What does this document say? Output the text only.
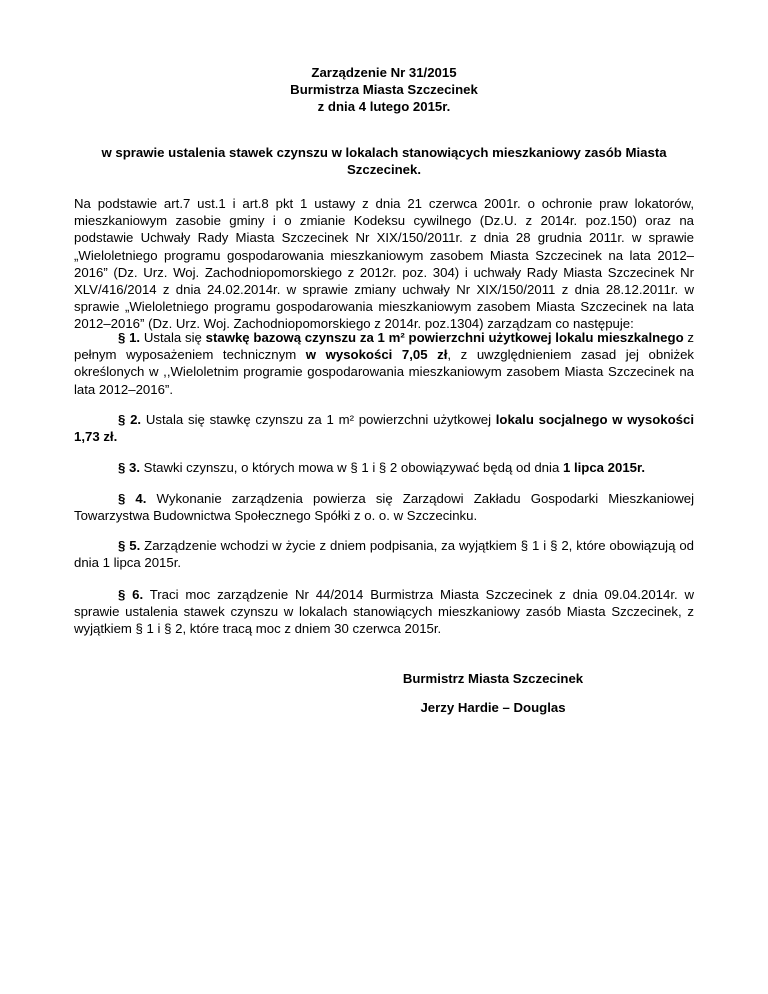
Zarządzenie Nr 31/2015
Burmistrza Miasta Szczecinek
z dnia 4 lutego 2015r.
w sprawie ustalenia stawek czynszu w lokalach stanowiących mieszkaniowy zasób Miasta
Szczecinek.
Na podstawie art.7 ust.1 i art.8 pkt 1 ustawy z dnia 21 czerwca 2001r. o ochronie praw lokatorów, mieszkaniowym zasobie gminy i o zmianie Kodeksu cywilnego (Dz.U. z 2014r. poz.150) oraz na podstawie Uchwały Rady Miasta Szczecinek Nr XIX/150/2011r. z dnia 28 grudnia 2011r. w sprawie „Wieloletniego programu gospodarowania mieszkaniowym zasobem Miasta Szczecinek na lata 2012–2016” (Dz. Urz. Woj. Zachodniopomorskiego z 2012r. poz. 304) i uchwały Rady Miasta Szczecinek Nr XLV/416/2014 z dnia 24.02.2014r. w sprawie zmiany uchwały Nr XIX/150/2011 z dnia 28.12.2011r. w sprawie „Wieloletniego programu gospodarowania mieszkaniowym zasobem Miasta Szczecinek na lata 2012–2016” (Dz. Urz. Woj. Zachodniopomorskiego z 2014r. poz.1304) zarządzam co następuje:
§ 1. Ustala się stawkę bazową czynszu za 1 m² powierzchni użytkowej lokalu mieszkalnego z pełnym wyposażeniem technicznym w wysokości 7,05 zł, z uwzględnieniem zasad jej obniżek określonych w ,,Wieloletnim programie gospodarowania mieszkaniowym zasobem Miasta Szczecinek na lata 2012–2016”.
§ 2. Ustala się stawkę czynszu za 1 m² powierzchni użytkowej lokalu socjalnego w wysokości 1,73 zł.
§ 3. Stawki czynszu, o których mowa w § 1 i § 2 obowiązywać będą od dnia 1 lipca 2015r.
§ 4. Wykonanie zarządzenia powierza się Zarządowi Zakładu Gospodarki Mieszkaniowej Towarzystwa Budownictwa Społecznego Spółki z o. o. w Szczecinku.
§ 5. Zarządzenie wchodzi w życie z dniem podpisania, za wyjątkiem § 1 i § 2, które obowiązują od dnia 1 lipca 2015r.
§ 6. Traci moc zarządzenie Nr 44/2014 Burmistrza Miasta Szczecinek z dnia 09.04.2014r. w sprawie ustalenia stawek czynszu w lokalach stanowiących mieszkaniowy zasób Miasta Szczecinek, z wyjątkiem § 1 i § 2, które tracą moc z dniem 30 czerwca 2015r.
Burmistrz Miasta Szczecinek
Jerzy Hardie – Douglas
